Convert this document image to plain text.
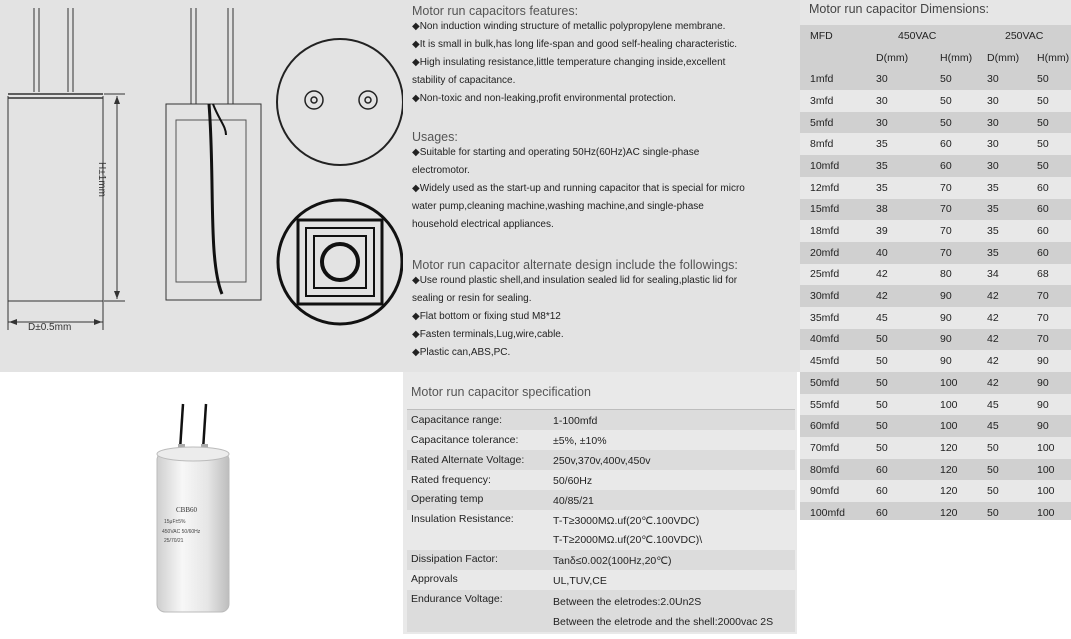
H±1mm
D±0.5mm

Motor run capacitors features:

◆Non induction winding structure of metallic polypropylene membrane.

◆It is small in bulk,has long life-span and good self-healing characteristic.

◆High insulating resistance,little temperature changing inside,excellent

stability of capacitance.

◆Non-toxic and non-leaking,profit environmental protection.

Usages:

◆Suitable for starting and operating 50Hz(60Hz)AC single-phase

electromotor.

◆Widely used as the start-up and running capacitor that is special for micro

water pump,cleaning machine,washing machine,and single-phase

household electrical appliances.

Motor run capacitor alternate design include the followings:

◆Use round plastic shell,and insulation sealed lid for sealing,plastic lid for

sealing or resin for sealing.

◆Flat bottom or fixing stud M8*12

◆Fasten terminals,Lug,wire,cable.

◆Plastic can,ABS,PC.

Motor run capacitor Dimensions:
MFD	450VAC		250VAC	
	D(mm)	H(mm)	D(mm)	H(mm)
1mfd	30	50	30	50
3mfd	30	50	30	50
5mfd	30	50	30	50
8mfd	35	60	30	50
10mfd	35	60	30	50
12mfd	35	70	35	60
15mfd	38	70	35	60
18mfd	39	70	35	60
20mfd	40	70	35	60
25mfd	42	80	34	68
30mfd	42	90	42	70
35mfd	45	90	42	70
40mfd	50	90	42	70
45mfd	50	90	42	90
50mfd	50	100	42	90
55mfd	50	100	45	90
60mfd	50	100	45	90
70mfd	50	120	50	100
80mfd	60	120	50	100
90mfd	60	120	50	100
100mfd	60	120	50	100
CBB60
15μF±5%
450VAC 50/60Hz
25/70/21
Motor run capacitor specification
Capacitance range:	1-100mfd
Capacitance tolerance:	±5%, ±10%
Rated Alternate Voltage:	250v,370v,400v,450v
Rated frequency:	50/60Hz
Operating temp	40/85/21
Insulation Resistance:	T-T≥3000MΩ.uf(20℃.100VDC)
T-T≥2000MΩ.uf(20℃.100VDC)\
Dissipation Factor:	Tanδ≤0.002(100Hz,20℃)
Approvals	UL,TUV,CE
Endurance Voltage:	Between the eletrodes:2.0Un2S
Between the eletrode and the shell:2000vac 2S
